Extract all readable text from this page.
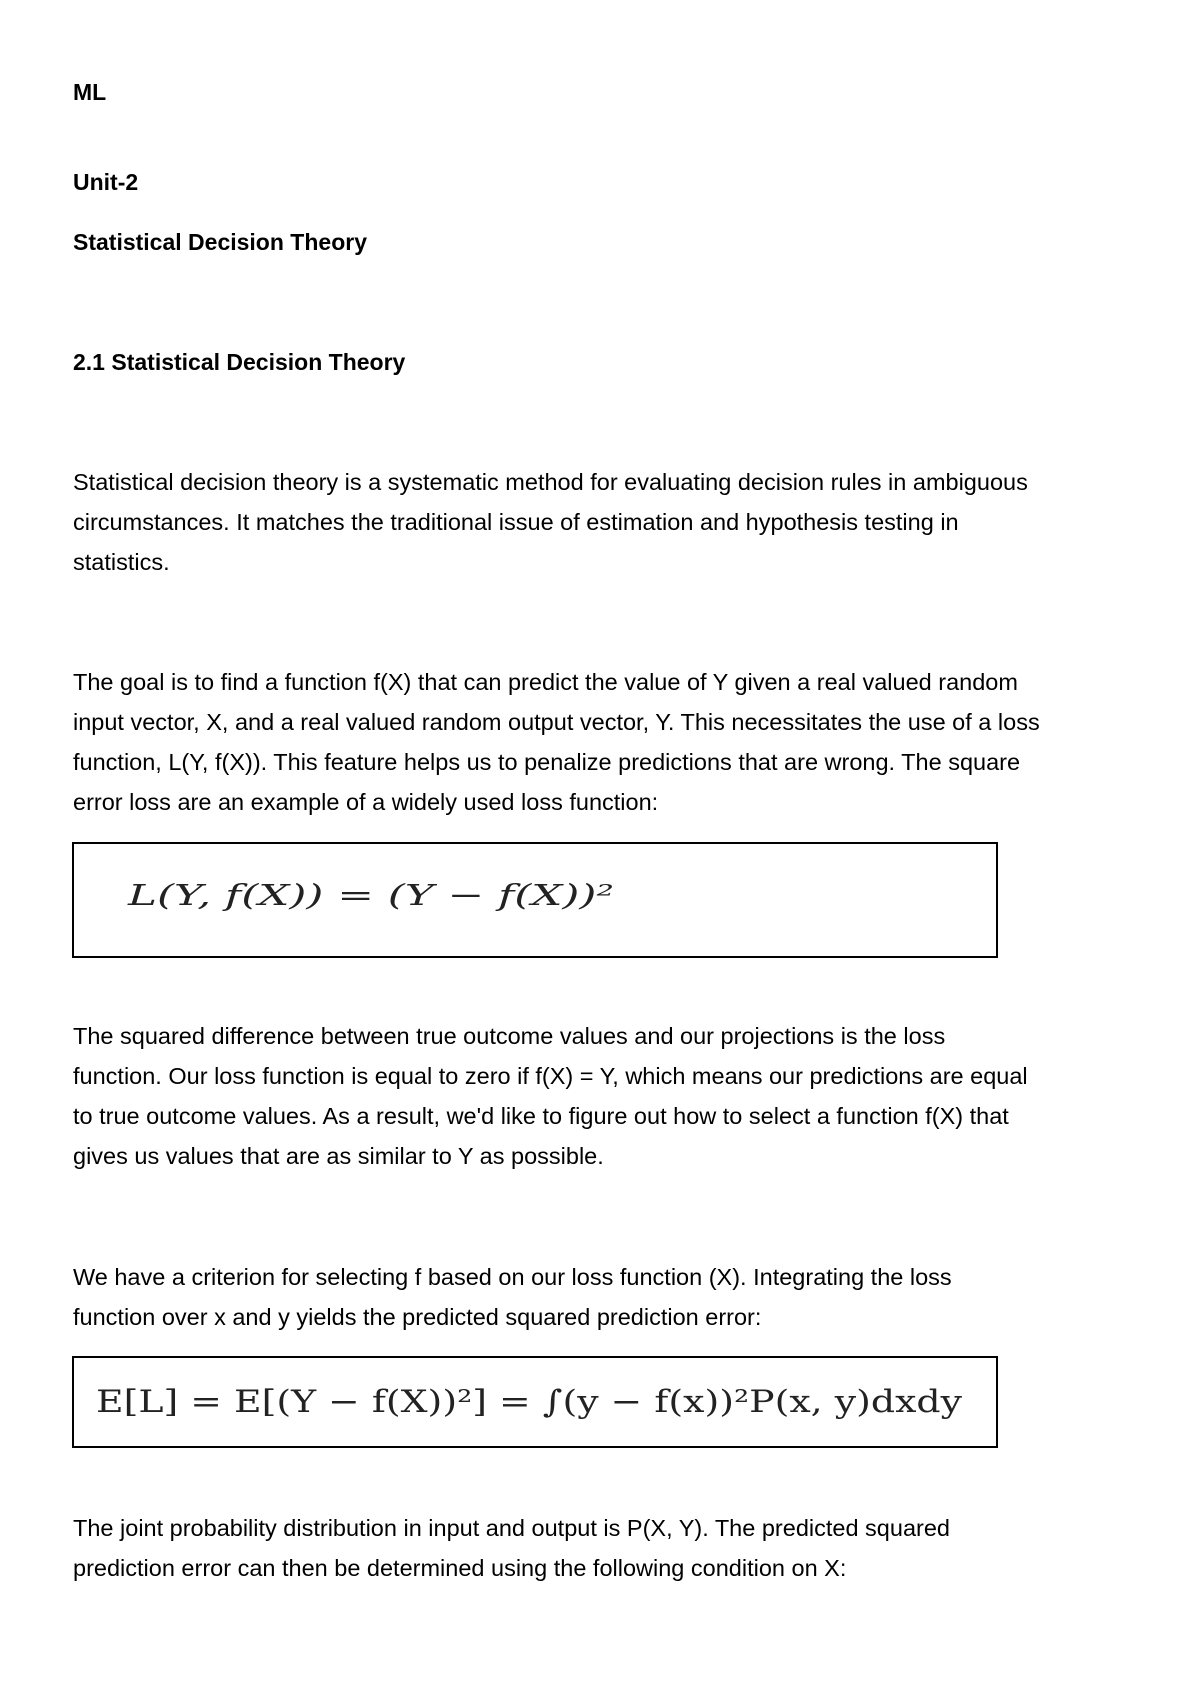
ML
Unit-2
Statistical Decision Theory
2.1 Statistical Decision Theory
Statistical decision theory is a systematic method for evaluating decision rules in ambiguous
circumstances. It matches the traditional issue of estimation and hypothesis testing in
statistics.
The goal is to find a function f(X) that can predict the value of Y given a real valued random
input vector, X, and a real valued random output vector, Y. This necessitates the use of a loss
function, L(Y, f(X)). This feature helps us to penalize predictions that are wrong. The square
error loss are an example of a widely used loss function:
L(Y, f(X)) = (Y − f(X))²
The squared difference between true outcome values and our projections is the loss
function. Our loss function is equal to zero if f(X) = Y, which means our predictions are equal
to true outcome values. As a result, we'd like to figure out how to select a function f(X) that
gives us values that are as similar to Y as possible.
We have a criterion for selecting f based on our loss function (X). Integrating the loss
function over x and y yields the predicted squared prediction error:
E[L] = E[(Y − f(X))²] = ∫(y − f(x))²P(x, y)dxdy
The joint probability distribution in input and output is P(X, Y). The predicted squared
prediction error can then be determined using the following condition on X:
